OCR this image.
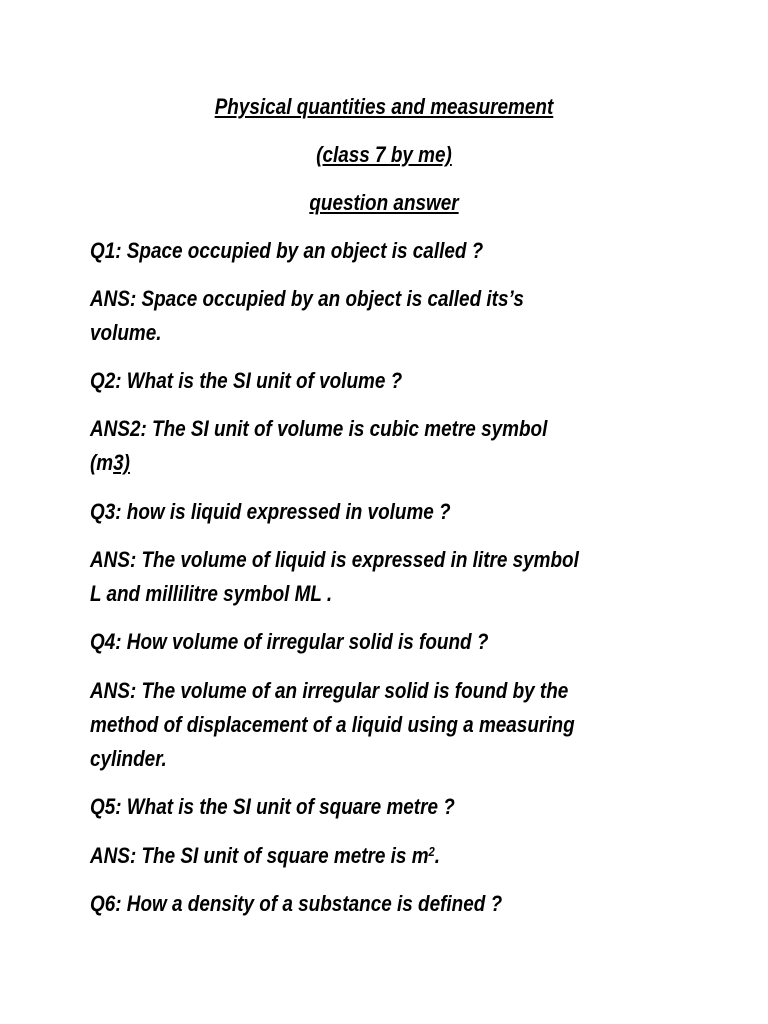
Physical quantities and measurement
(class 7 by me)
question answer
Q1: Space occupied by an object is called ?
ANS: Space occupied by an object is called its’s
volume.
Q2: What is the SI unit of volume ?
ANS2: The SI unit of volume is cubic metre symbol
(m3)
Q3: how is liquid expressed in volume ?
ANS: The volume of liquid is expressed in litre symbol
L and millilitre symbol ML .
Q4: How volume of irregular solid is found ?
ANS: The volume of an irregular solid is found by the
method of displacement of a liquid using a measuring
cylinder.
Q5: What is the SI unit of square metre ?
ANS: The SI unit of square metre is $m^2$.
Q6: How a density of a substance is defined ?
